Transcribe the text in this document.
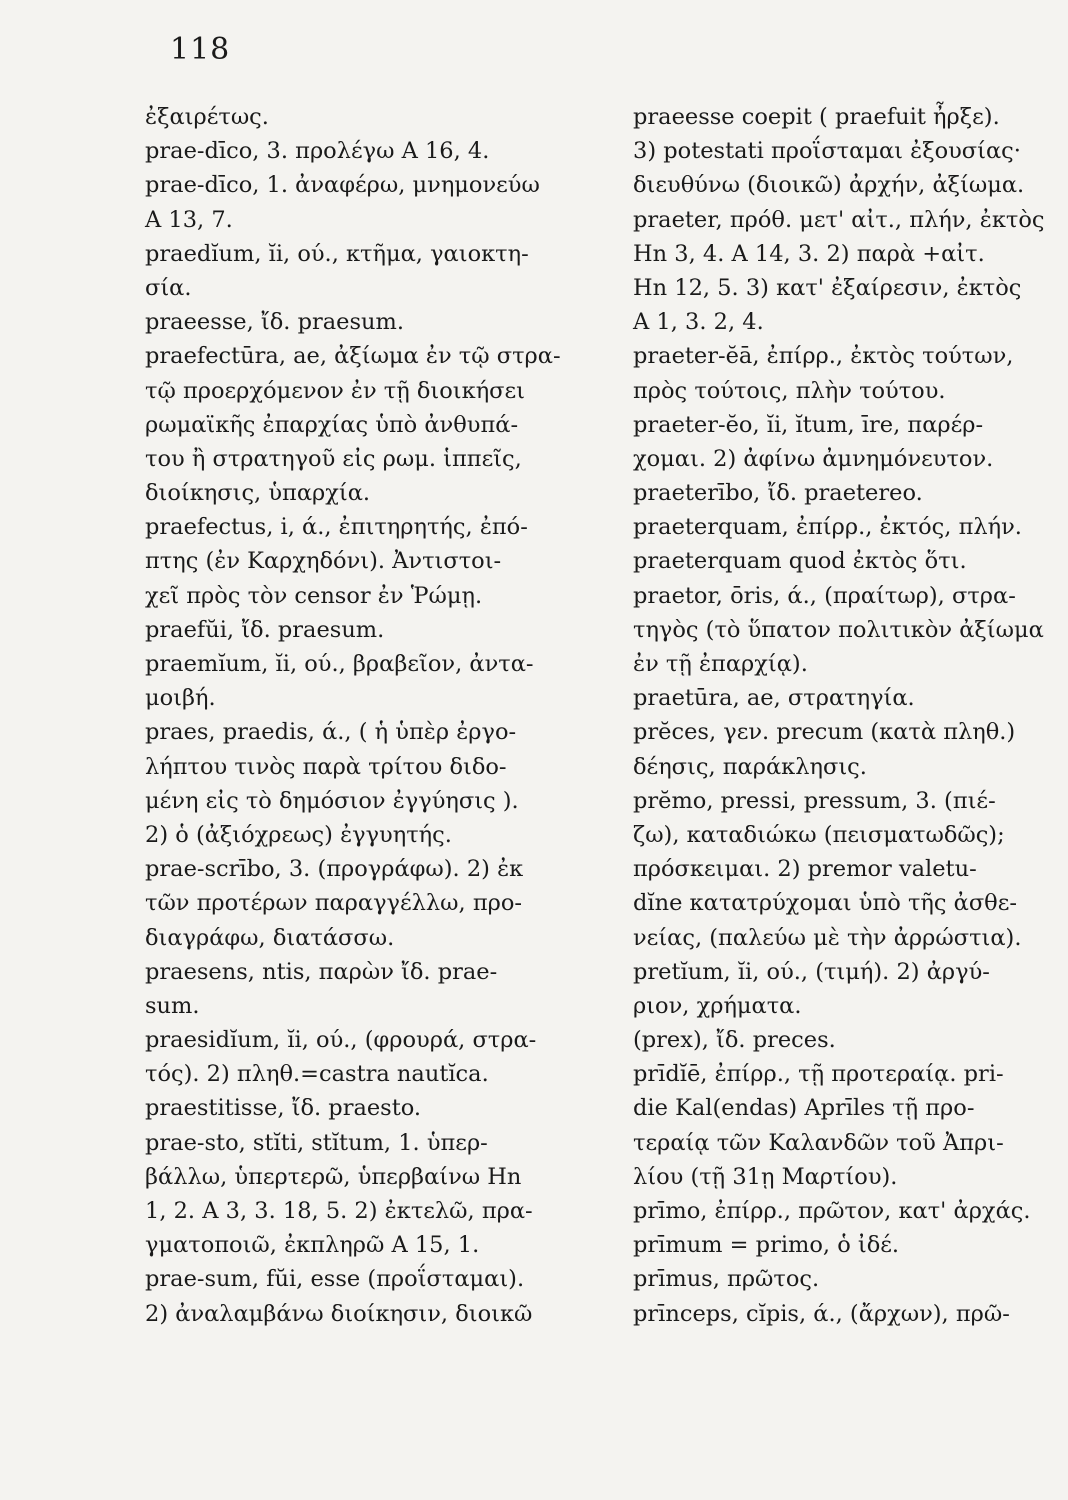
118
ἐξαιρέτως.
prae-dīco, 3. προλέγω Α 16, 4.
prae-dīco, 1. ἀναφέρω, μνημονεύω
Α 13, 7.
praedĭum, ĭi, ού., κτῆμα, γαιοκτη-
σία.
praeesse, ἴδ. praesum.
praefectūra, ae, ἀξίωμα ἐν τῷ στρα-
τῷ προερχόμενον ἐν τῇ διοικήσει
ρωμαϊκῆς ἐπαρχίας ὑπὸ ἀνθυπά-
του ἢ στρατηγοῦ εἰς ρωμ. ἱππεῖς,
διοίκησις, ὑπαρχία.
praefectus, i, ά., ἐπιτηρητής, ἐπό-
πτης (ἐν Καρχηδόνι). Ἀντιστοι-
χεῖ πρὸς τὸν censor ἐν Ῥώμῃ.
praefŭi, ἴδ. praesum.
praemĭum, ĭi, ού., βραβεῖον, ἀντα-
μοιβή.
praes, praedis, ά., ( ἡ ὑπὲρ ἐργο-
λήπτου τινὸς παρὰ τρίτου διδο-
μένη εἰς τὸ δημόσιον ἐγγύησις ).
2) ὁ (ἀξιόχρεως) ἐγγυητής.
prae-scrībo, 3. (προγράφω). 2) ἐκ
τῶν προτέρων παραγγέλλω, προ-
διαγράφω, διατάσσω.
praesens, ntis, παρὼν ἴδ. prae-
sum.
praesidĭum, ĭi, ού., (φρουρά, στρα-
τός). 2) πληθ.=castra nautĭca.
praestitisse, ἴδ. praesto.
prae-sto, stĭti, stĭtum, 1. ὑπερ-
βάλλω, ὑπερτερῶ, ὑπερβαίνω Ηn
1, 2. Α 3, 3. 18, 5. 2) ἐκτελῶ, πρα-
γματοποιῶ, ἐκπληρῶ Α 15, 1.
prae-sum, fŭi, esse (προΐσταμαι).
2) ἀναλαμβάνω διοίκησιν, διοικῶ
praeesse coepit ( praefuit ἦρξε).
3) potestati προΐσταμαι ἐξουσίας·
διευθύνω (διοικῶ) ἀρχήν, ἀξίωμα.
praeter, πρόθ. μετ' αἰτ., πλήν, ἐκτὸς
Ηn 3, 4. Α 14, 3. 2) παρὰ +αἰτ.
Ηn 12, 5. 3) κατ' ἐξαίρεσιν, ἐκτὸς
Α 1, 3. 2, 4.
praeter-ĕā, ἐπίρρ., ἐκτὸς τούτων,
πρὸς τούτοις, πλὴν τούτου.
praeter-ĕo, ĭi, ĭtum, īre, παρέρ-
χομαι. 2) ἀφίνω ἀμνημόνευτον.
praeterībo, ἴδ. praetereo.
praeterquam, ἐπίρρ., ἐκτός, πλήν.
praeterquam quod ἐκτὸς ὅτι.
praetor, ōris, ά., (πραίτωρ), στρα-
τηγὸς (τὸ ὕπατον πολιτικὸν ἀξίωμα
ἐν τῇ ἐπαρχίᾳ).
praetūra, ae, στρατηγία.
prĕces, γεν. precum (κατὰ πληθ.)
δέησις, παράκλησις.
prĕmo, pressi, pressum, 3. (πιέ-
ζω), καταδιώκω (πεισματωδῶς);
πρόσκειμαι. 2) premor valetu-
dĭne κατατρύχομαι ὑπὸ τῆς ἀσθε-
νείας, (παλεύω μὲ τὴν ἀρρώστια).
pretĭum, ĭi, ού., (τιμή). 2) ἀργύ-
ριον, χρήματα.
(prex), ἴδ. preces.
prīdĭē, ἐπίρρ., τῇ προτεραίᾳ. pri-
die Kal(endas) Aprīles τῇ προ-
τεραίᾳ τῶν Καλανδῶν τοῦ Ἀπρι-
λίου (τῇ 31ῃ Μαρτίου).
prīmo, ἐπίρρ., πρῶτον, κατ' ἀρχάς.
prīmum = primo, ὁ ἰδέ.
prīmus, πρῶτος.
prīnceps, cĭpis, ά., (ἄρχων), πρῶ-
